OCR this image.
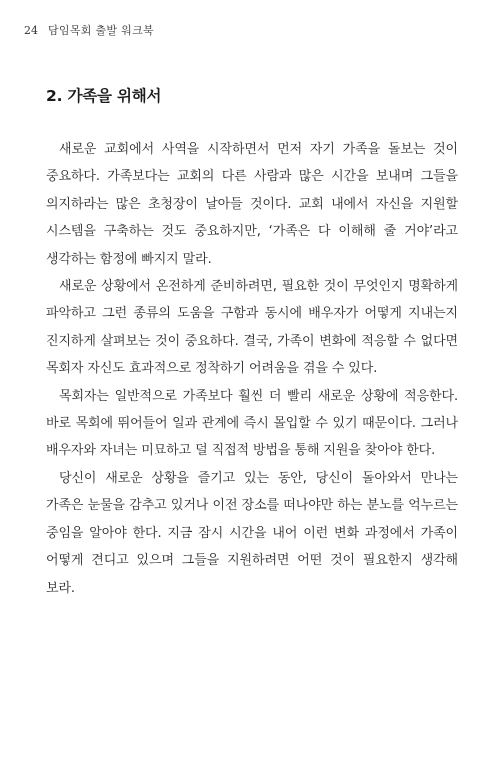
24 담임목회 출발 워크북
2. 가족을 위해서

새로운 교회에서 사역을 시작하면서 먼저 자기 가족을 돌보는 것이 중요하다. 가족보다는 교회의 다른 사람과 많은 시간을 보내며 그들을 의지하라는 많은 초청장이 날아들 것이다. 교회 내에서 자신을 지원할 시스템을 구축하는 것도 중요하지만, ‘가족은 다 이해해 줄 거야’라고 생각하는 함정에 빠지지 말라.

새로운 상황에서 온전하게 준비하려면, 필요한 것이 무엇인지 명확하게 파악하고 그런 종류의 도움을 구함과 동시에 배우자가 어떻게 지내는지 진지하게 살펴보는 것이 중요하다. 결국, 가족이 변화에 적응할 수 없다면 목회자 자신도 효과적으로 정착하기 어려움을 겪을 수 있다.

목회자는 일반적으로 가족보다 훨씬 더 빨리 새로운 상황에 적응한다. 바로 목회에 뛰어들어 일과 관계에 즉시 몰입할 수 있기 때문이다. 그러나 배우자와 자녀는 미묘하고 덜 직접적 방법을 통해 지원을 찾아야 한다.

당신이 새로운 상황을 즐기고 있는 동안, 당신이 돌아와서 만나는 가족은 눈물을 감추고 있거나 이전 장소를 떠나야만 하는 분노를 억누르는 중임을 알아야 한다. 지금 잠시 시간을 내어 이런 변화 과정에서 가족이 어떻게 견디고 있으며 그들을 지원하려면 어떤 것이 필요한지 생각해 보라.
